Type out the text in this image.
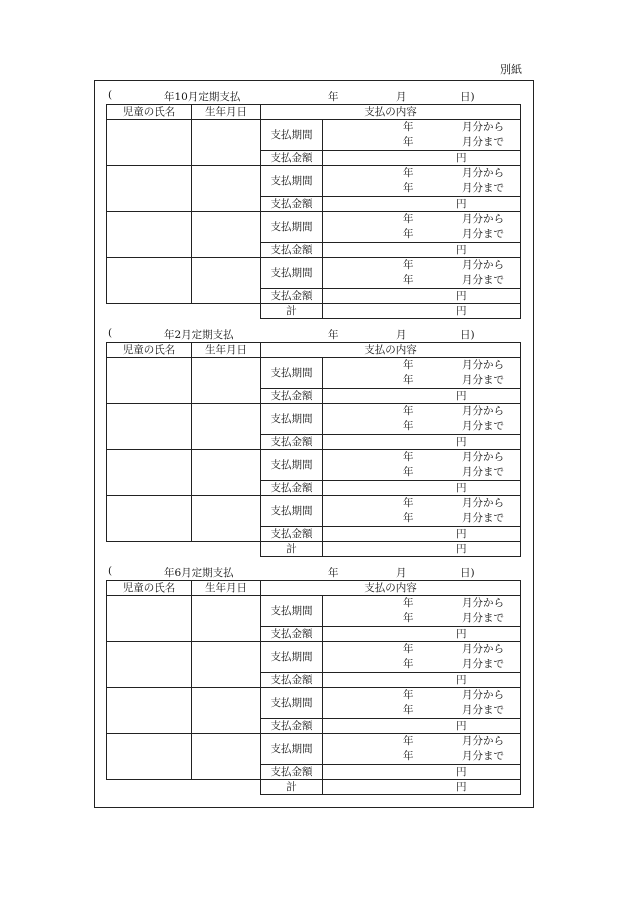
別紙
(	年10月定期支払	年	月	日)
児童の氏名	生年月日	支払の内容	
		支払期間	年 月分から
年 月分まで

		支払金額	円

		支払期間	年 月分から
年 月分まで

		支払金額	円

		支払期間	年 月分から
年 月分まで

		支払金額	円

		支払期間	年 月分から
年 月分まで

		支払金額	円

		計	円
(	年2月定期支払	年	月	日)
児童の氏名	生年月日	支払の内容	
		支払期間	年 月分から
年 月分まで

		支払金額	円

		支払期間	年 月分から
年 月分まで

		支払金額	円

		支払期間	年 月分から
年 月分まで

		支払金額	円

		支払期間	年 月分から
年 月分まで

		支払金額	円

		計	円
(	年6月定期支払	年	月	日)
児童の氏名	生年月日	支払の内容	
		支払期間	年 月分から
年 月分まで

		支払金額	円

		支払期間	年 月分から
年 月分まで

		支払金額	円

		支払期間	年 月分から
年 月分まで

		支払金額	円

		支払期間	年 月分から
年 月分まで

		支払金額	円

		計	円
